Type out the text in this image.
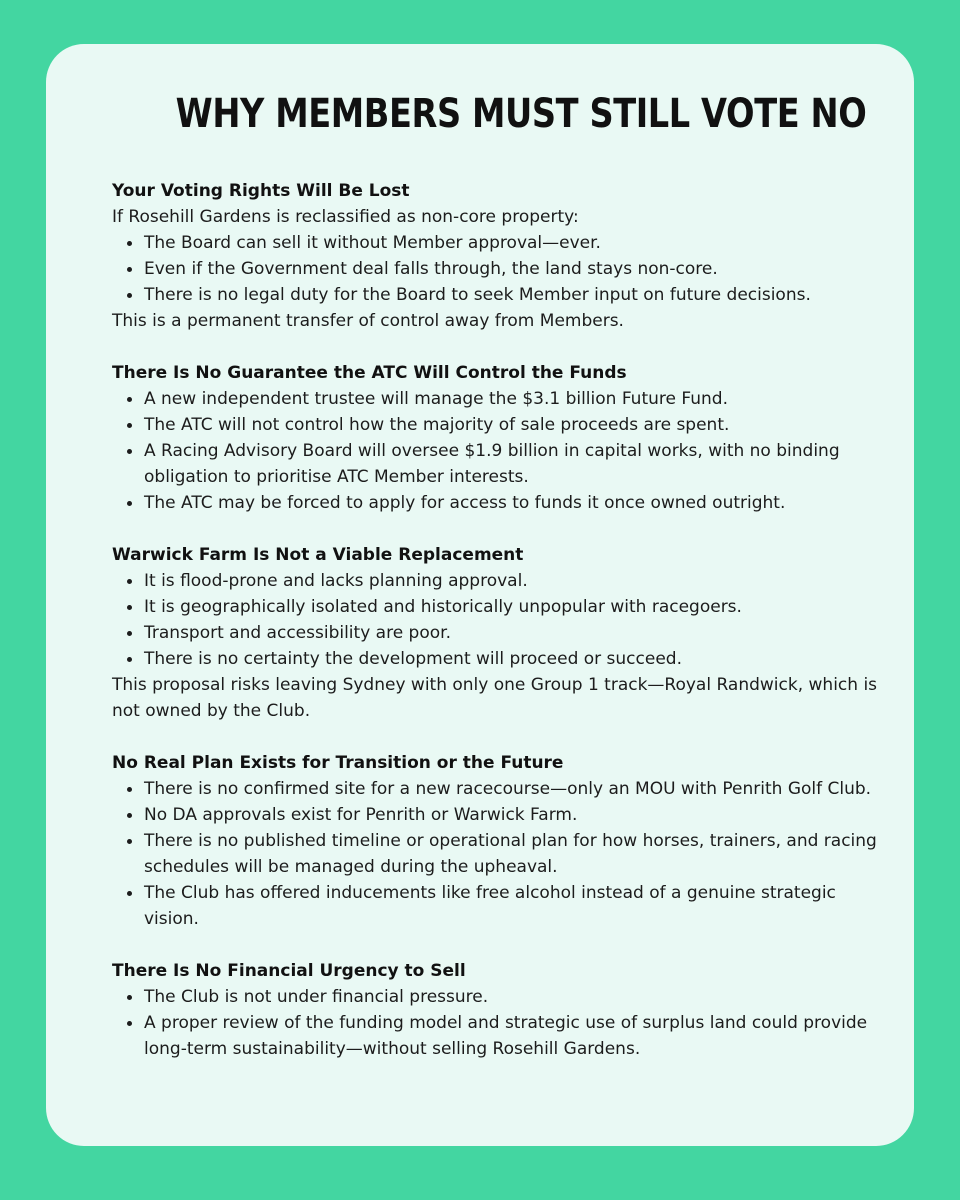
WHY MEMBERS MUST STILL VOTE NO
Your Voting Rights Will Be Lost

If Rosehill Gardens is reclassified as non-core property:

The Board can sell it without Member approval—ever.
Even if the Government deal falls through, the land stays non-core.
There is no legal duty for the Board to seek Member input on future decisions.

This is a permanent transfer of control away from Members.

There Is No Guarantee the ATC Will Control the Funds
A new independent trustee will manage the $3.1 billion Future Fund.
The ATC will not control how the majority of sale proceeds are spent.
A Racing Advisory Board will oversee $1.9 billion in capital works, with no binding obligation to prioritise ATC Member interests.
The ATC may be forced to apply for access to funds it once owned outright.
Warwick Farm Is Not a Viable Replacement
It is flood-prone and lacks planning approval.
It is geographically isolated and historically unpopular with racegoers.
Transport and accessibility are poor.
There is no certainty the development will proceed or succeed.

This proposal risks leaving Sydney with only one Group 1 track—Royal Randwick, which is not owned by the Club.

No Real Plan Exists for Transition or the Future
There is no confirmed site for a new racecourse—only an MOU with Penrith Golf Club.
No DA approvals exist for Penrith or Warwick Farm.
There is no published timeline or operational plan for how horses, trainers, and racing schedules will be managed during the upheaval.
The Club has offered inducements like free alcohol instead of a genuine strategic vision.
There Is No Financial Urgency to Sell
The Club is not under financial pressure.
A proper review of the funding model and strategic use of surplus land could provide long-term sustainability—without selling Rosehill Gardens.
